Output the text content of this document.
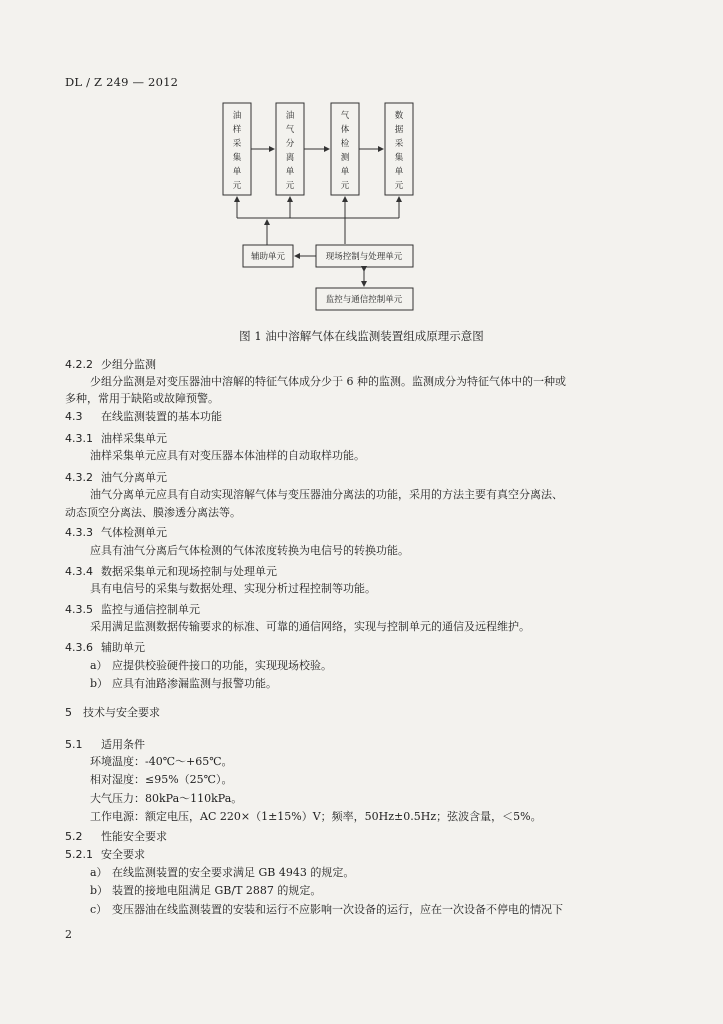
DL / Z 249 — 2012
油
样
采
集
单
元
油
气
分
离
单
元
气
体
检
测
单
元
数
据
采
集
单
元
辅助单元	现场控制与处理单元
监控与通信控制单元
图 1 油中溶解气体在线监测装置组成原理示意图
4.2.2 少组分监测
少组分监测是对变压器油中溶解的特征气体成分少于 6 种的监测。监测成分为特征气体中的一种或
多种，常用于缺陷或故障预警。
4.3 在线监测装置的基本功能
4.3.1 油样采集单元
油样采集单元应具有对变压器本体油样的自动取样功能。
4.3.2 油气分离单元
油气分离单元应具有自动实现溶解气体与变压器油分离法的功能，采用的方法主要有真空分离法、
动态顶空分离法、膜渗透分离法等。
4.3.3 气体检测单元
应具有油气分离后气体检测的气体浓度转换为电信号的转换功能。
4.3.4 数据采集单元和现场控制与处理单元
具有电信号的采集与数据处理、实现分析过程控制等功能。
4.3.5 监控与通信控制单元
采用满足监测数据传输要求的标准、可靠的通信网络，实现与控制单元的通信及远程维护。
4.3.6 辅助单元
a） 应提供校验硬件接口的功能，实现现场校验。
b） 应具有油路渗漏监测与报警功能。
5 技术与安全要求
5.1 适用条件
环境温度：-40℃～+65℃。
相对湿度：≤95%（25℃）。
大气压力：80kPa～110kPa。
工作电源：额定电压，AC 220×（1±15%）V；频率，50Hz±0.5Hz；弦波含量，＜5%。
5.2 性能安全要求
5.2.1 安全要求
a） 在线监测装置的安全要求满足 GB 4943 的规定。
b） 装置的接地电阻满足 GB/T 2887 的规定。
c） 变压器油在线监测装置的安装和运行不应影响一次设备的运行，应在一次设备不停电的情况下
2
